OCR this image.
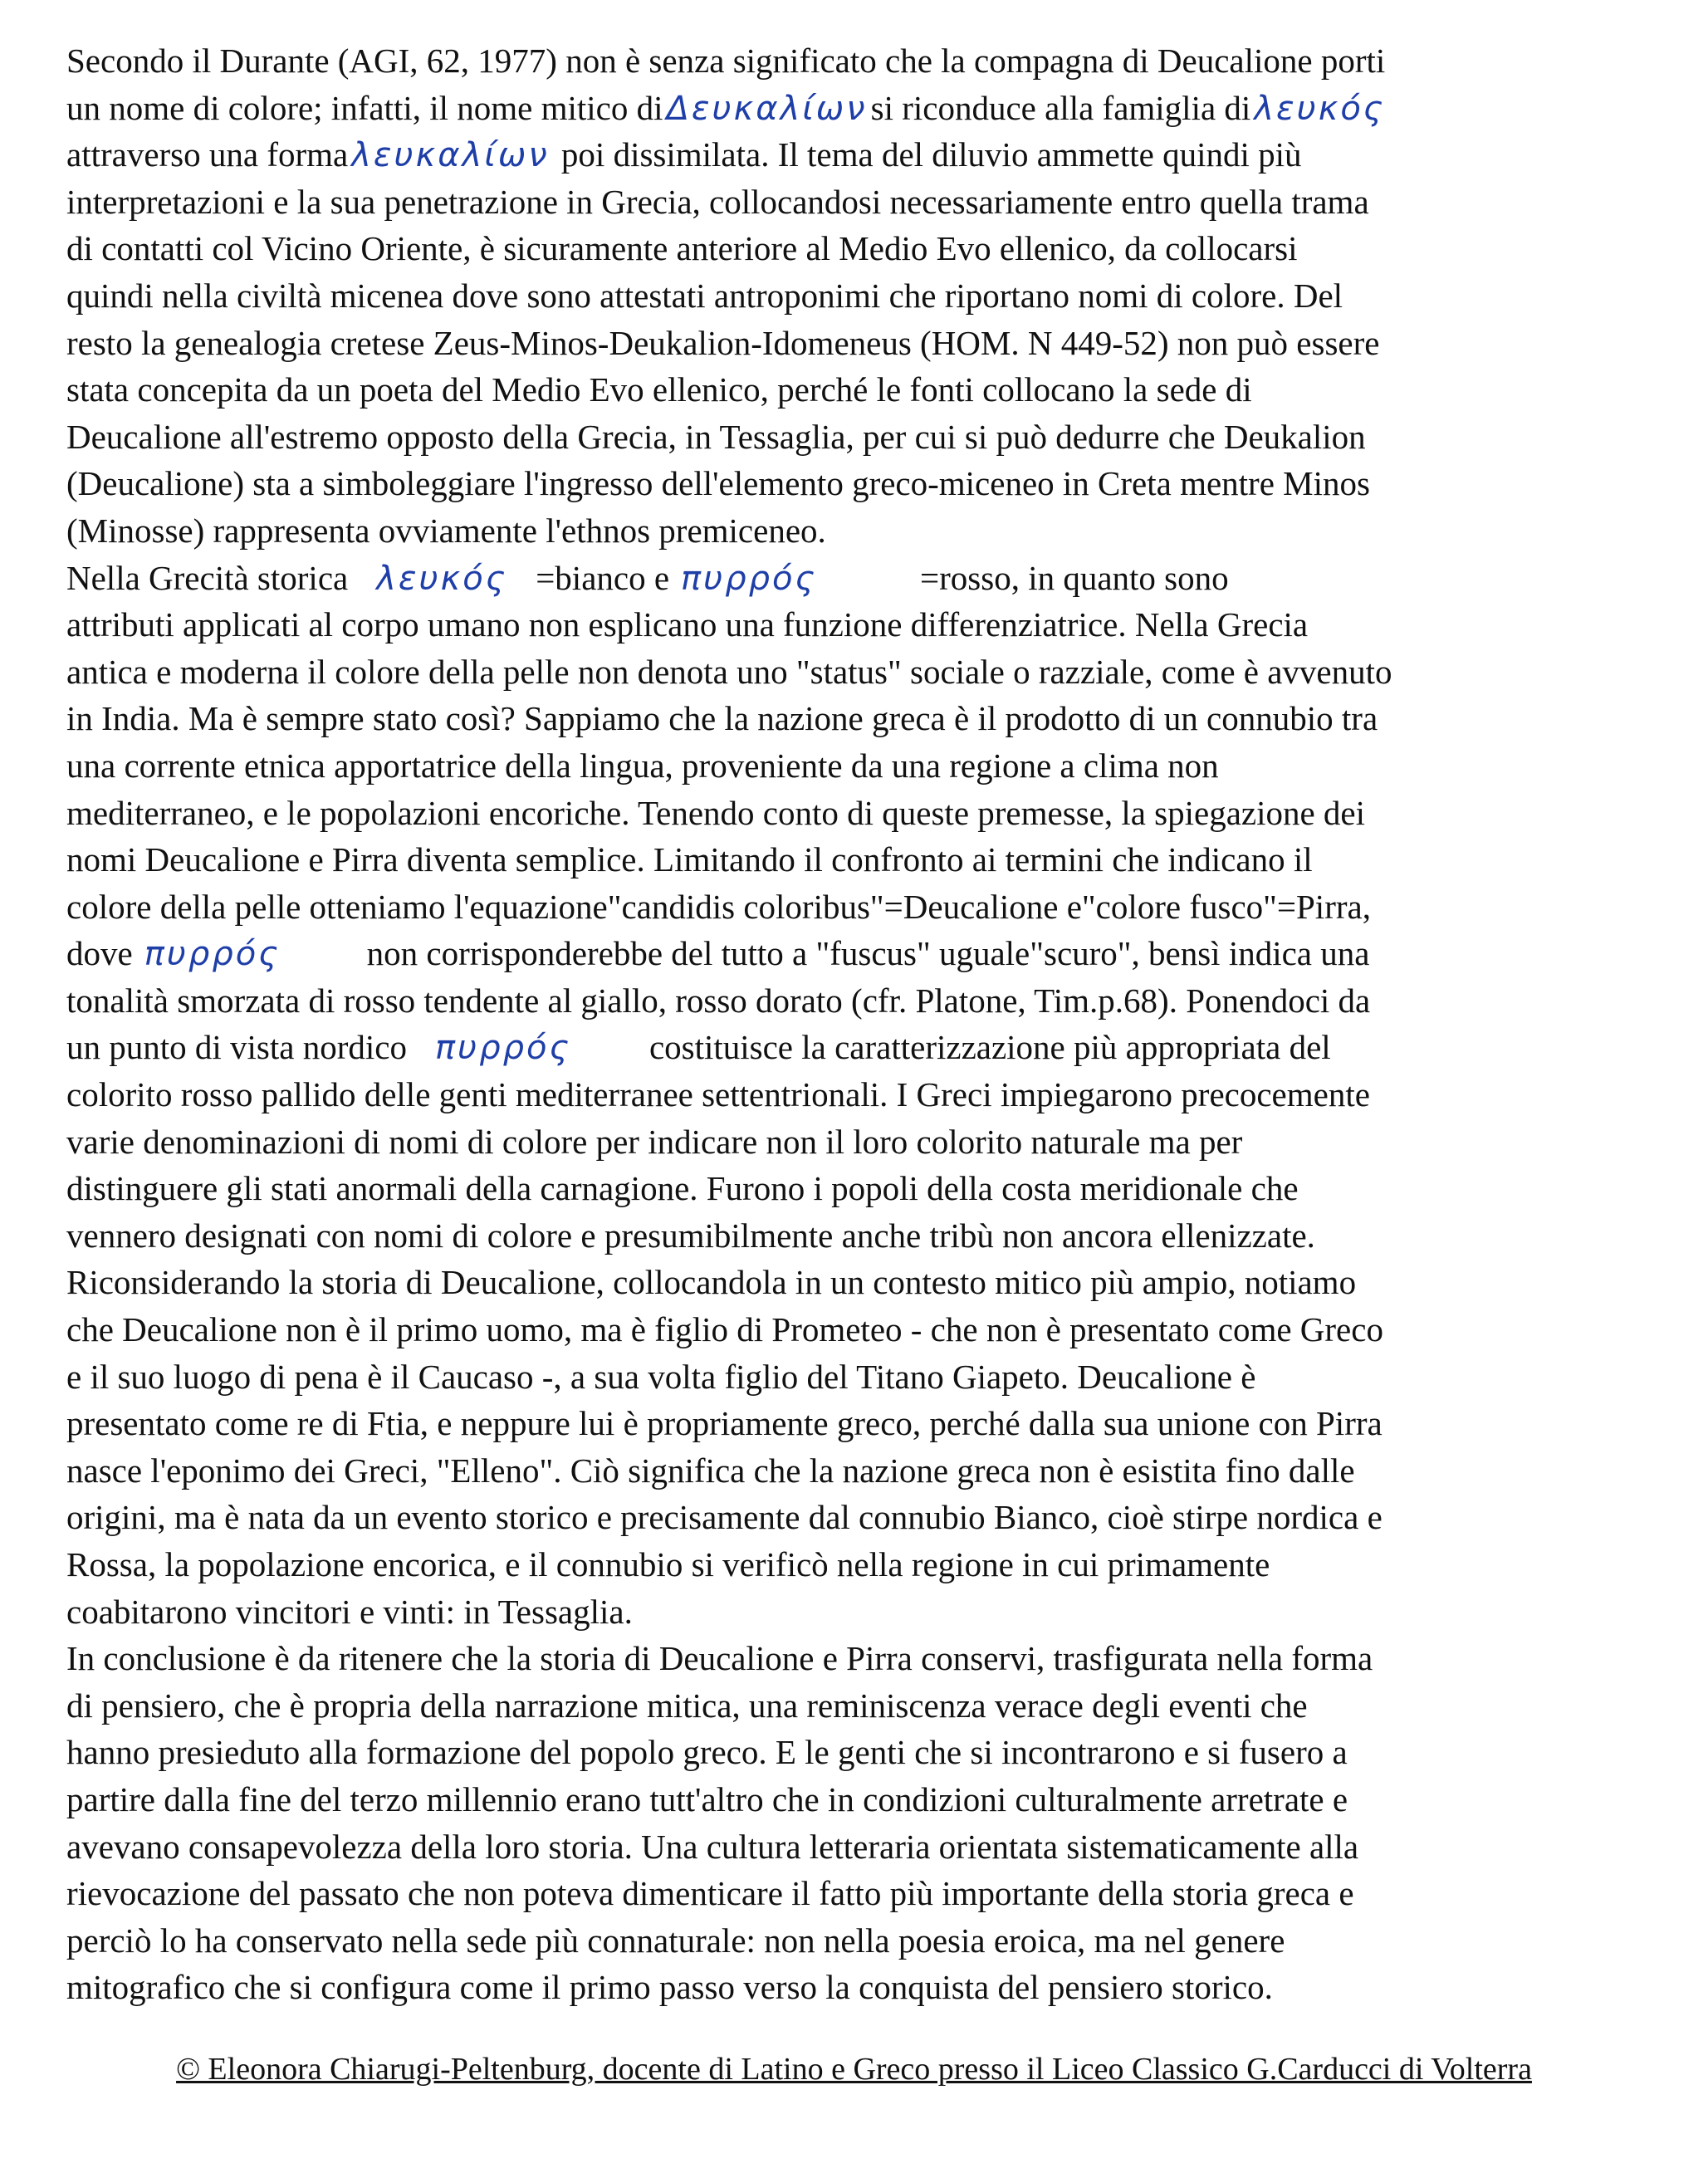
Secondo il Durante (AGI, 62, 1977) non è senza significato che la compagna di Deucalione porti
un nome di colore; infatti, il nome mitico di Δευκαλίωνsi riconduce alla famiglia di λευκός
attraverso una forma λευκαλίων poi dissimilata. Il tema del diluvio ammette quindi più
interpretazioni e la sua penetrazione in Grecia, collocandosi necessariamente entro quella trama
di contatti col Vicino Oriente, è sicuramente anteriore al Medio Evo ellenico, da collocarsi
quindi nella civiltà micenea dove sono attestati antroponimi che riportano nomi di colore. Del
resto la genealogia cretese Zeus-Minos-Deukalion-Idomeneus (HOM. N 449-52) non può essere
stata concepita da un poeta del Medio Evo ellenico, perché le fonti collocano la sede di
Deucalione all'estremo opposto della Grecia, in Tessaglia, per cui si può dedurre che Deukalion
(Deucalione) sta a simboleggiare l'ingresso dell'elemento greco-miceneo in Creta mentre Minos
(Minosse) rappresenta ovviamente l'ethnos premiceneo.
Nella Grecità storica λευκός =bianco e πυρρός	=rosso, in quanto sono
attributi applicati al corpo umano non esplicano una funzione differenziatrice. Nella Grecia
antica e moderna il colore della pelle non denota uno "status" sociale o razziale, come è avvenuto
in India. Ma è sempre stato così? Sappiamo che la nazione greca è il prodotto di un connubio tra
una corrente etnica apportatrice della lingua, proveniente da una regione a clima non
mediterraneo, e le popolazioni encoriche. Tenendo conto di queste premesse, la spiegazione dei
nomi Deucalione e Pirra diventa semplice. Limitando il confronto ai termini che indicano il
colore della pelle otteniamo l'equazione"candidis coloribus"=Deucalione e"colore fusco"=Pirra,
dove πυρρός	non corrisponderebbe del tutto a "fuscus" uguale"scuro", bensì indica una
tonalità smorzata di rosso tendente al giallo, rosso dorato (cfr. Platone, Tim.p.68). Ponendoci da
un punto di vista nordico πυρρός costituisce la caratterizzazione più appropriata del
colorito rosso pallido delle genti mediterranee settentrionali. I Greci impiegarono precocemente
varie denominazioni di nomi di colore per indicare non il loro colorito naturale ma per
distinguere gli stati anormali della carnagione. Furono i popoli della costa meridionale che
vennero designati con nomi di colore e presumibilmente anche tribù non ancora ellenizzate.
Riconsiderando la storia di Deucalione, collocandola in un contesto mitico più ampio, notiamo
che Deucalione non è il primo uomo, ma è figlio di Prometeo - che non è presentato come Greco
e il suo luogo di pena è il Caucaso -, a sua volta figlio del Titano Giapeto. Deucalione è
presentato come re di Ftia, e neppure lui è propriamente greco, perché dalla sua unione con Pirra
nasce l'eponimo dei Greci, "Elleno". Ciò significa che la nazione greca non è esistita fino dalle
origini, ma è nata da un evento storico e precisamente dal connubio Bianco, cioè stirpe nordica e
Rossa, la popolazione encorica, e il connubio si verificò nella regione in cui primamente
coabitarono vincitori e vinti: in Tessaglia.
In conclusione è da ritenere che la storia di Deucalione e Pirra conservi, trasfigurata nella forma
di pensiero, che è propria della narrazione mitica, una reminiscenza verace degli eventi che
hanno presieduto alla formazione del popolo greco. E le genti che si incontrarono e si fusero a
partire dalla fine del terzo millennio erano tutt'altro che in condizioni culturalmente arretrate e
avevano consapevolezza della loro storia. Una cultura letteraria orientata sistematicamente alla
rievocazione del passato che non poteva dimenticare il fatto più importante della storia greca e
perciò lo ha conservato nella sede più connaturale: non nella poesia eroica, ma nel genere
mitografico che si configura come il primo passo verso la conquista del pensiero storico.
© Eleonora Chiarugi-Peltenburg, docente di Latino e Greco presso il Liceo Classico G.Carducci di Volterra
